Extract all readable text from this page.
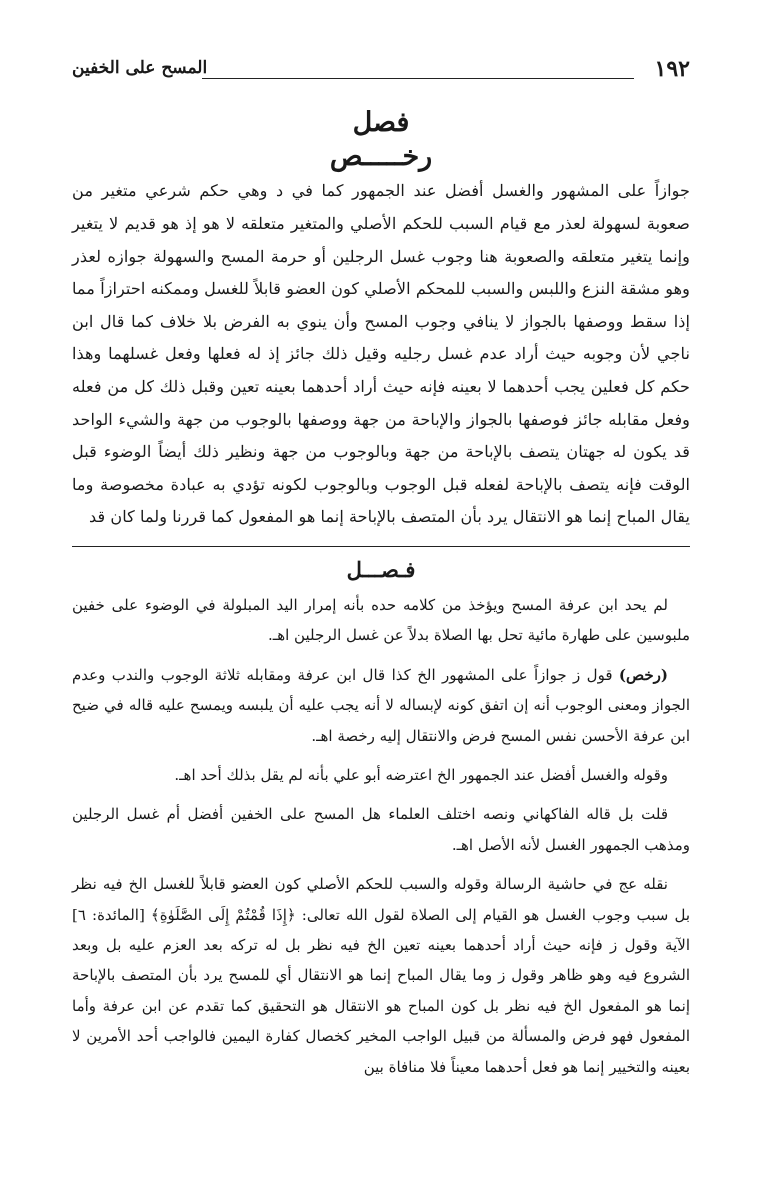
١٩٢
المسح على الخفين
فصل
رخـــــص

جوازاً على المشهور والغسل أفضل عند الجمهور كما في د وهي حكم شرعي متغير من صعوبة لسهولة لعذر مع قيام السبب للحكم الأصلي والمتغير متعلقه لا هو إذ هو قديم لا يتغير وإنما يتغير متعلقه والصعوبة هنا وجوب غسل الرجلين أو حرمة المسح والسهولة جوازه لعذر وهو مشقة النزع واللبس والسبب للمحكم الأصلي كون العضو قابلاً للغسل وممكنه احترازاً مما إذا سقط ووصفها بالجواز لا ينافي وجوب المسح وأن ينوي به الفرض بلا خلاف كما قال ابن ناجي لأن وجوبه حيث أراد عدم غسل رجليه وقيل ذلك جائز إذ له فعلها وفعل غسلهما وهذا حكم كل فعلين يجب أحدهما لا بعينه فإنه حيث أراد أحدهما بعينه تعين وقبل ذلك كل من فعله وفعل مقابله جائز فوصفها بالجواز والإباحة من جهة ووصفها بالوجوب من جهة والشيء الواحد قد يكون له جهتان يتصف بالإباحة من جهة وبالوجوب من جهة ونظير ذلك أيضاً الوضوء قبل الوقت فإنه يتصف بالإباحة لفعله قبل الوجوب وبالوجوب لكونه تؤدي به عبادة مخصوصة وما يقال المباح إنما هو الانتقال يرد بأن المتصف بالإباحة إنما هو المفعول كما قررنا ولما كان قد

فـصـــل

لم يحد ابن عرفة المسح ويؤخذ من كلامه حده بأنه إمرار اليد المبلولة في الوضوء على خفين ملبوسين على طهارة مائية تحل بها الصلاة بدلاً عن غسل الرجلين اهـ.

(رخص) قول ز جوازاً على المشهور الخ كذا قال ابن عرفة ومقابله ثلاثة الوجوب والندب وعدم الجواز ومعنى الوجوب أنه إن اتفق كونه لإبساله لا أنه يجب عليه أن يلبسه ويمسح عليه قاله في ضيح ابن عرفة الأحسن نفس المسح فرض والانتقال إليه رخصة اهـ.

وقوله والغسل أفضل عند الجمهور الخ اعترضه أبو علي بأنه لم يقل بذلك أحد اهـ.

قلت بل قاله الفاكهاني ونصه اختلف العلماء هل المسح على الخفين أفضل أم غسل الرجلين ومذهب الجمهور الغسل لأنه الأصل اهـ.

نقله عج في حاشية الرسالة وقوله والسبب للحكم الأصلي كون العضو قابلاً للغسل الخ فيه نظر بل سبب وجوب الغسل هو القيام إلى الصلاة لقول الله تعالى: ﴿إِذَا قُمْتُمْ إِلَى الصَّلَوٰةِ﴾ [المائدة: ٦] الآية وقول ز فإنه حيث أراد أحدهما بعينه تعين الخ فيه نظر بل له تركه بعد العزم عليه بل وبعد الشروع فيه وهو ظاهر وقول ز وما يقال المباح إنما هو الانتقال أي للمسح يرد بأن المتصف بالإباحة إنما هو المفعول الخ فيه نظر بل كون المباح هو الانتقال هو التحقيق كما تقدم عن ابن عرفة وأما المفعول فهو فرض والمسألة من قبيل الواجب المخير كخصال كفارة اليمين فالواجب أحد الأمرين لا بعينه والتخيير إنما هو فعل أحدهما معيناً فلا منافاة بين
